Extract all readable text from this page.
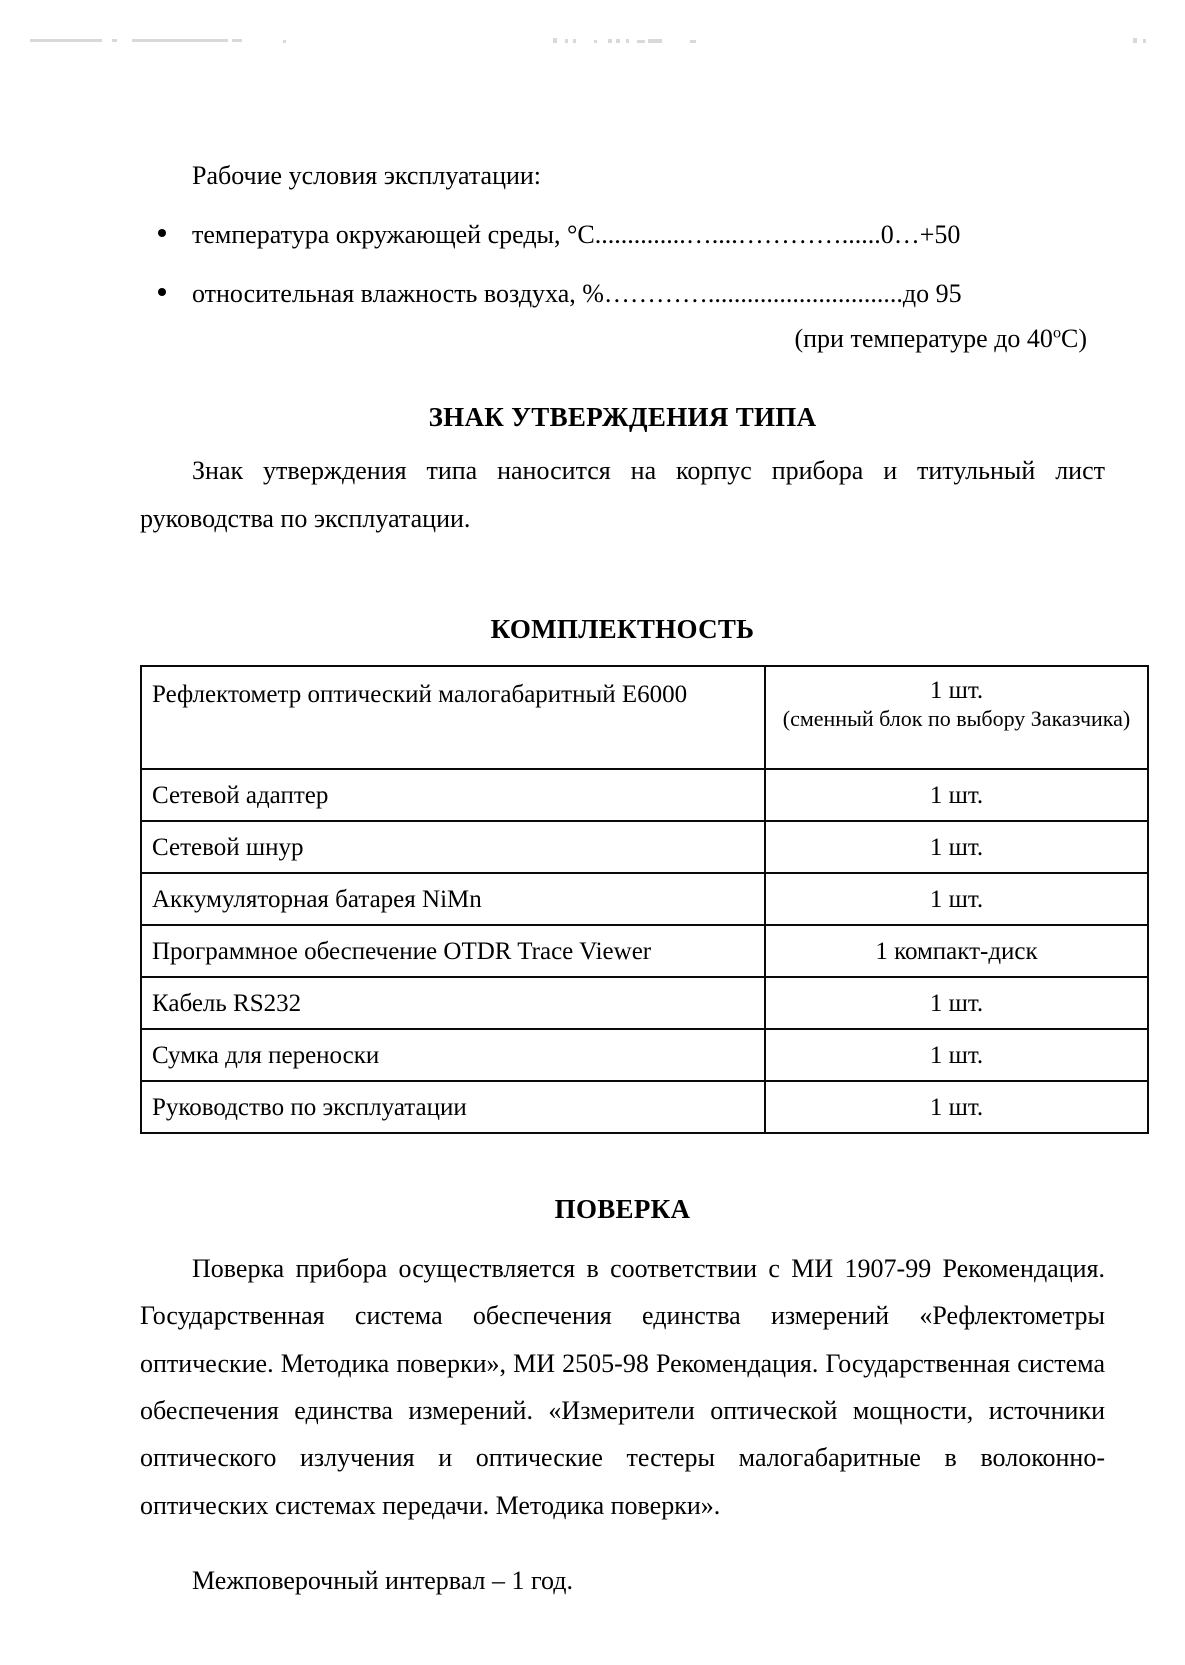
Рабочие условия эксплуатации:

температура окружающей среды, °С..............…....…………......0…+50
относительная влажность воздуха, %…………..............................до 95

(при температуре до $40^оС$)

ЗНАК УТВЕРЖДЕНИЯ ТИПА

Знак утверждения типа наносится на корпус прибора и титульный лист руководства по эксплуатации.

КОМПЛЕКТНОСТЬ
Рефлектометр оптический малогабаритный E6000	1 шт.
(сменный блок по выбору Заказчика)

Сетевой адаптер	1 шт.
Сетевой шнур	1 шт.
Аккумуляторная батарея NiMn	1 шт.
Программное обеспечение OTDR Trace Viewer	1 компакт-диск
Кабель RS232	1 шт.
Сумка для переноски	1 шт.
Руководство по эксплуатации	1 шт.
ПОВЕРКА

Поверка прибора осуществляется в соответствии с МИ 1907-99 Рекомендация. Государственная система обеспечения единства измерений «Рефлектометры оптические. Методика поверки», МИ 2505-98 Рекомендация. Государственная система обеспечения единства измерений. «Измерители оптической мощности, источники оптического излучения и оптические тестеры малогабаритные в волоконно-оптических системах передачи. Методика поверки».

Межповерочный интервал – 1 год.
